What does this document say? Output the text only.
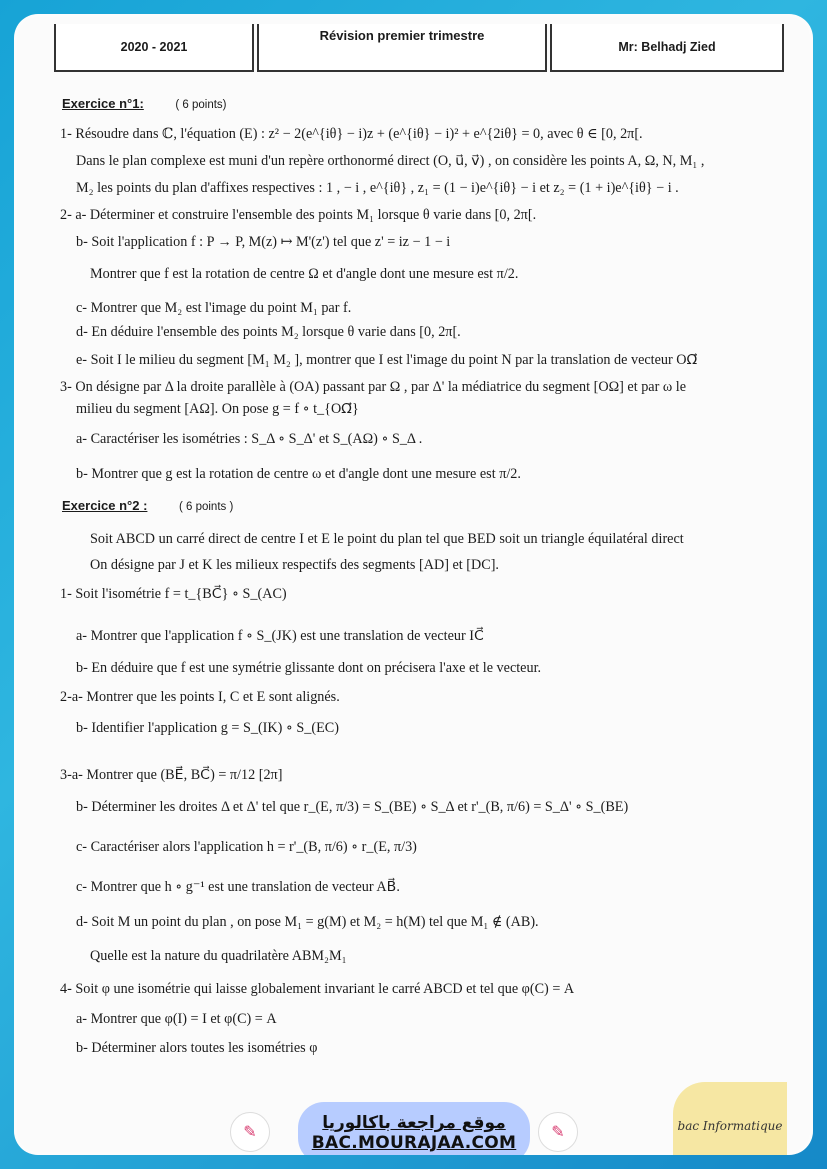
2020 - 2021
Révision premier trimestre
Mr: Belhadj Zied
Exercice n°1:	( 6 points)
1- Résoudre dans ℂ, l'équation (E) : z² − 2(e^{iθ} − i)z + (e^{iθ} − i)² + e^{2iθ} = 0, avec θ ∈ [0, 2π[.
Dans le plan complexe est muni d'un repère orthonormé direct (O, u⃗, v⃗) , on considère les points A, Ω, N, M₁ ,
M₂ les points du plan d'affixes respectives : 1 , − i , e^{iθ} , z₁ = (1 − i)e^{iθ} − i et z₂ = (1 + i)e^{iθ} − i .
2- a- Déterminer et construire l'ensemble des points M₁ lorsque θ varie dans [0, 2π[.
b- Soit l'application f : P → P, M(z) ↦ M'(z') tel que z' = iz − 1 − i
Montrer que f est la rotation de centre Ω et d'angle dont une mesure est π/2.
c- Montrer que M₂ est l'image du point M₁ par f.
d- En déduire l'ensemble des points M₂ lorsque θ varie dans [0, 2π[.
e- Soit I le milieu du segment [M₁ M₂ ], montrer que I est l'image du point N par la translation de vecteur OΩ⃗
3- On désigne par Δ la droite parallèle à (OA) passant par Ω , par Δ' la médiatrice du segment [OΩ] et par ω le
milieu du segment [AΩ]. On pose g = f ∘ t_{OΩ⃗}
a- Caractériser les isométries : S_Δ ∘ S_Δ' et S_(AΩ) ∘ S_Δ .
b- Montrer que g est la rotation de centre ω et d'angle dont une mesure est π/2.
Exercice n°2 :	( 6 points )
Soit ABCD un carré direct de centre I et E le point du plan tel que BED soit un triangle équilatéral direct
On désigne par J et K les milieux respectifs des segments [AD] et [DC].
1- Soit l'isométrie f = t_{BC⃗} ∘ S_(AC)
a- Montrer que l'application f ∘ S_(JK) est une translation de vecteur IC⃗
b- En déduire que f est une symétrie glissante dont on précisera l'axe et le vecteur.
2-a- Montrer que les points I, C et E sont alignés.
b- Identifier l'application g = S_(IK) ∘ S_(EC)
3-a- Montrer que (BE⃗, BC⃗) = π/12 [2π]
b- Déterminer les droites Δ et Δ' tel que r_(E, π/3) = S_(BE) ∘ S_Δ et r'_(B, π/6) = S_Δ' ∘ S_(BE)
c- Caractériser alors l'application h = r'_(B, π/6) ∘ r_(E, π/3)
c- Montrer que h ∘ g⁻¹ est une translation de vecteur AB⃗.
d- Soit M un point du plan , on pose M₁ = g(M) et M₂ = h(M) tel que M₁ ∉ (AB).
Quelle est la nature du quadrilatère ABM₂M₁
4- Soit φ une isométrie qui laisse globalement invariant le carré ABCD et tel que φ(C) = A
a- Montrer que φ(I) = I et φ(C) = A
b- Déterminer alors toutes les isométries φ
✎	موقع مراجعة باكالوريا
BAC.MOURAJAA.COM
✎	bac Informatique
